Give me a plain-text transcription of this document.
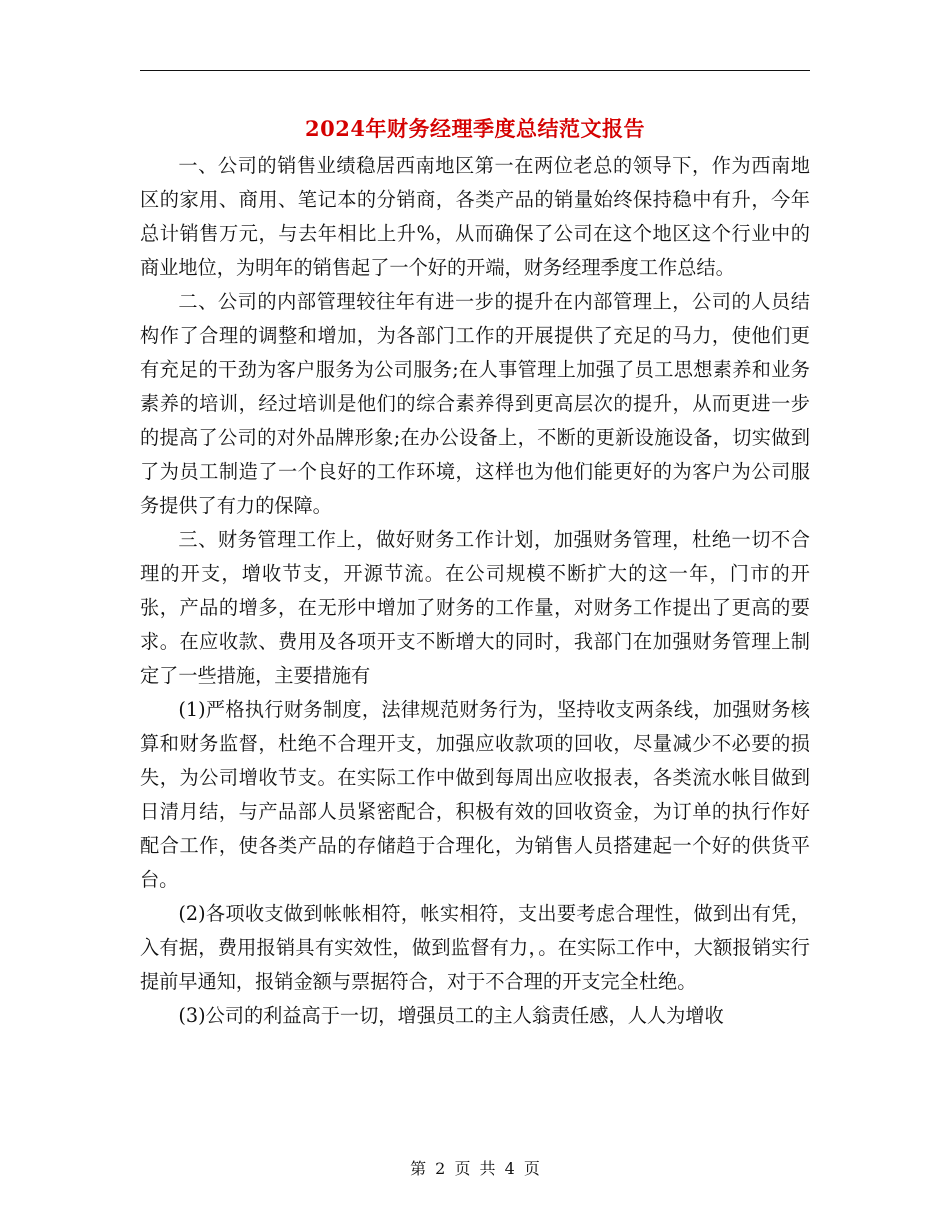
2024年财务经理季度总结范文报告

一、公司的销售业绩稳居西南地区第一在两位老总的领导下，作为西南地区的家用、商用、笔记本的分销商，各类产品的销量始终保持稳中有升，今年总计销售万元，与去年相比上升%，从而确保了公司在这个地区这个行业中的商业地位，为明年的销售起了一个好的开端，财务经理季度工作总结。

二、公司的内部管理较往年有进一步的提升在内部管理上，公司的人员结构作了合理的调整和增加，为各部门工作的开展提供了充足的马力，使他们更有充足的干劲为客户服务为公司服务;在人事管理上加强了员工思想素养和业务素养的培训，经过培训是他们的综合素养得到更高层次的提升，从而更进一步的提高了公司的对外品牌形象;在办公设备上，不断的更新设施设备，切实做到了为员工制造了一个良好的工作环境，这样也为他们能更好的为客户为公司服务提供了有力的保障。

三、财务管理工作上，做好财务工作计划，加强财务管理，杜绝一切不合理的开支，增收节支，开源节流。在公司规模不断扩大的这一年，门市的开张，产品的增多，在无形中增加了财务的工作量，对财务工作提出了更高的要求。在应收款、费用及各项开支不断增大的同时，我部门在加强财务管理上制定了一些措施，主要措施有

(1)严格执行财务制度，法律规范财务行为，坚持收支两条线，加强财务核算和财务监督，杜绝不合理开支，加强应收款项的回收，尽量减少不必要的损失，为公司增收节支。在实际工作中做到每周出应收报表，各类流水帐目做到日清月结，与产品部人员紧密配合，积极有效的回收资金，为订单的执行作好配合工作，使各类产品的存储趋于合理化，为销售人员搭建起一个好的供货平台。

(2)各项收支做到帐帐相符，帐实相符，支出要考虑合理性，做到出有凭，入有据，费用报销具有实效性，做到监督有力，。在实际工作中，大额报销实行提前早通知，报销金额与票据符合，对于不合理的开支完全杜绝。

(3)公司的利益高于一切，增强员工的主人翁责任感，人人为增收

第 2 页 共 4 页
